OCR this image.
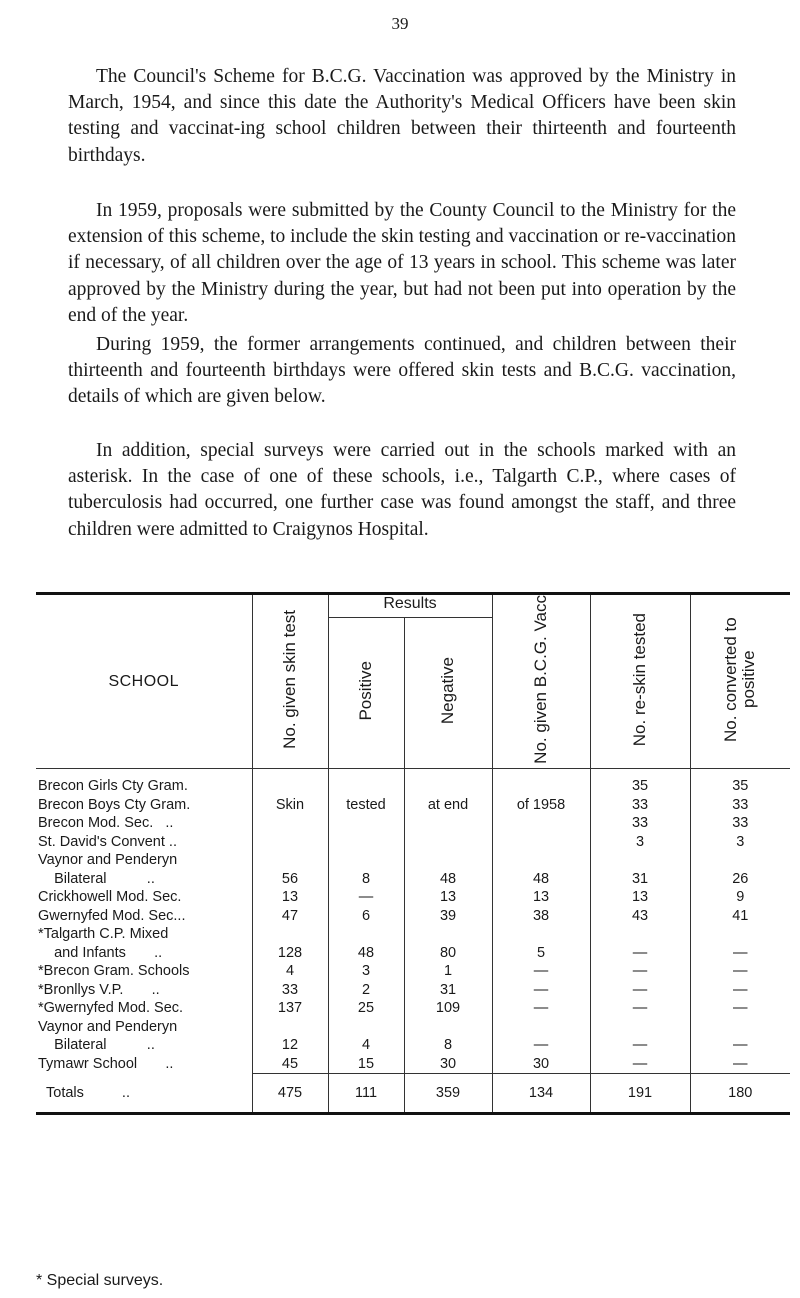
39

The Council's Scheme for B.C.G. Vaccination was approved by the Ministry in March, 1954, and since this date the Authority's Medical Officers have been skin testing and vaccinat-ing school children between their thirteenth and fourteenth birthdays.

In 1959, proposals were submitted by the County Council to the Ministry for the extension of this scheme, to include the skin testing and vaccination or re-vaccination if necessary, of all children over the age of 13 years in school. This scheme was later approved by the Ministry during the year, but had not been put into operation by the end of the year.

During 1959, the former arrangements continued, and children between their thirteenth and fourteenth birthdays were offered skin tests and B.C.G. vaccination, details of which are given below.

In addition, special surveys were carried out in the schools marked with an asterisk. In the case of one of these schools, i.e., Talgarth C.P., where cases of tuberculosis had occurred, one further case was found amongst the staff, and three children were admitted to Craigynos Hospital.

SCHOOL	No. given skin test	Results		No. given B.C.G. Vacc	No. re-skin tested	No. converted to positive
		Positive	Negative			

Brecon Girls Cty Gram.					35	35
Brecon Boys Cty Gram.	Skin	tested	at end	of 1958	33	33
Brecon Mod. Sec.   ..					33	33
St. David's Convent ..					3	3
Vaynor and Penderyn						
Bilateral          ..	56	8	48	48	31	26
Crickhowell Mod. Sec.	13	—	13	13	13	9
Gwernyfed Mod. Sec...	47	6	39	38	43	41
*Talgarth C.P. Mixed						
and Infants       ..	128	48	80	5	—	—
*Brecon Gram. Schools	4	3	1	—	—	—
*Bronllys V.P.       ..	33	2	31	—	—	—
*Gwernyfed Mod. Sec.	137	25	109	—	—	—
Vaynor and Penderyn						
Bilateral          ..	12	4	8	—	—	—
Tymawr School       ..	45	15	30	30	—	—
Totals ..	475	111	359	134	191	180
* Special surveys.
